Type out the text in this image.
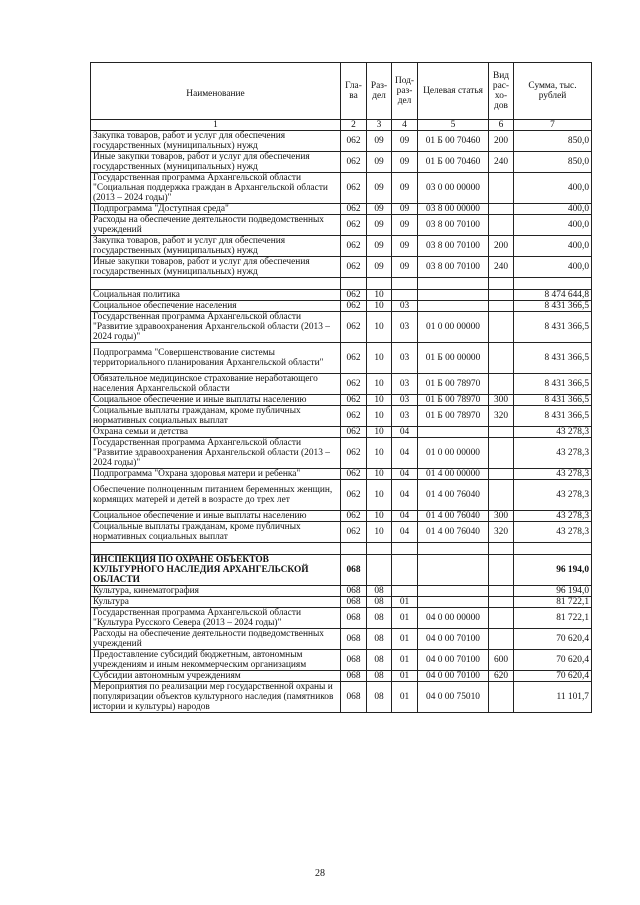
Наименование	Гла-ва	Раз-дел	Под-раз-дел	Целевая статья	Вид рас-хо-дов	Сумма, тыс. рублей
1	2	3	4	5	6	7
Закупка товаров, работ и услуг для обеспечения государственных (муниципальных) нужд	062	09	09	01 Б 00 70460	200	850,0
Иные закупки товаров, работ и услуг для обеспечения государственных (муниципальных) нужд	062	09	09	01 Б 00 70460	240	850,0
Государственная программа Архангельской области "Социальная поддержка граждан в Архангельской области (2013 – 2024 годы)"	062	09	09	03 0 00 00000		400,0
Подпрограмма "Доступная среда"	062	09	09	03 8 00 00000		400,0
Расходы на обеспечение деятельности подведомственных учреждений	062	09	09	03 8 00 70100		400,0
Закупка товаров, работ и услуг для обеспечения государственных (муниципальных) нужд	062	09	09	03 8 00 70100	200	400,0
Иные закупки товаров, работ и услуг для обеспечения государственных (муниципальных) нужд	062	09	09	03 8 00 70100	240	400,0

Социальная политика	062	10				8 474 644,8
Социальное обеспечение населения	062	10	03			8 431 366,5
Государственная программа Архангельской области "Развитие здравоохранения Архангельской области (2013 – 2024 годы)"	062	10	03	01 0 00 00000		8 431 366,5
Подпрограмма "Совершенствование системы территориального планирования Архангельской области"	062	10	03	01 Б 00 00000		8 431 366,5
Обязательное медицинское страхование неработающего населения Архангельской области	062	10	03	01 Б 00 78970		8 431 366,5
Социальное обеспечение и иные выплаты населению	062	10	03	01 Б 00 78970	300	8 431 366,5
Социальные выплаты гражданам, кроме публичных нормативных социальных выплат	062	10	03	01 Б 00 78970	320	8 431 366,5
Охрана семьи и детства	062	10	04			43 278,3
Государственная программа Архангельской области "Развитие здравоохранения Архангельской области (2013 – 2024 годы)"	062	10	04	01 0 00 00000		43 278,3
Подпрограмма "Охрана здоровья матери и ребенка"	062	10	04	01 4 00 00000		43 278,3
Обеспечение полноценным питанием беременных женщин, кормящих матерей и детей в возрасте до трех лет	062	10	04	01 4 00 76040		43 278,3
Социальное обеспечение и иные выплаты населению	062	10	04	01 4 00 76040	300	43 278,3
Социальные выплаты гражданам, кроме публичных нормативных социальных выплат	062	10	04	01 4 00 76040	320	43 278,3

ИНСПЕКЦИЯ ПО ОХРАНЕ ОБЪЕКТОВ КУЛЬТУРНОГО НАСЛЕДИЯ АРХАНГЕЛЬСКОЙ ОБЛАСТИ	068					96 194,0
Культура, кинематография	068	08				96 194,0
Культура	068	08	01			81 722,1
Государственная программа Архангельской области "Культура Русского Севера (2013 – 2024 годы)"	068	08	01	04 0 00 00000		81 722,1
Расходы на обеспечение деятельности подведомственных учреждений	068	08	01	04 0 00 70100		70 620,4
Предоставление субсидий бюджетным, автономным учреждениям и иным некоммерческим организациям	068	08	01	04 0 00 70100	600	70 620,4
Субсидии автономным учреждениям	068	08	01	04 0 00 70100	620	70 620,4
Мероприятия по реализации мер государственной охраны и популяризации объектов культурного наследия (памятников истории и культуры) народов	068	08	01	04 0 00 75010		11 101,7
28
